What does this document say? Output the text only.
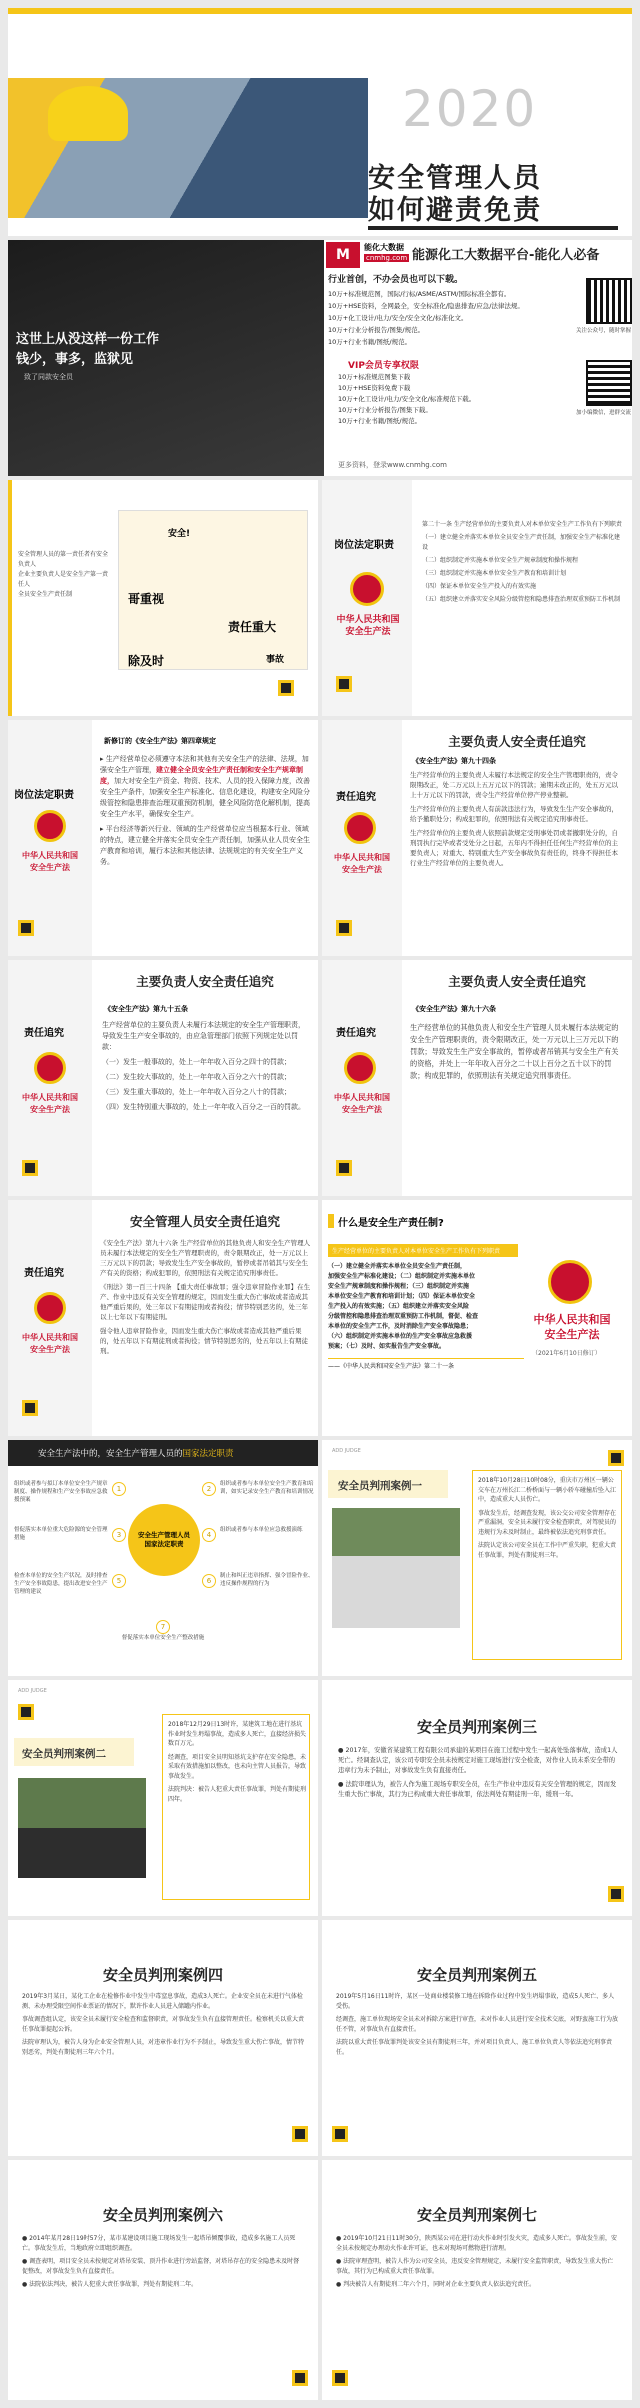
2020
安全管理人员
如何避责免责
这世上从没这样一份工作
钱少，事多，监狱见
致了同款安全员
M	能化大数据
cnmhg.com 能源化工大数据平台-能化人必备
行业首创，不办会员也可以下载。
10万+标准规范图，国际/行标/ASME/ASTM/国际标准全都有。
10万+HSE资料，全网最全，安全标准化/隐患排查/应急/法律法规。
10万+化工设计/电力/安全/安全文化/标准化文。
10万+行业分析报告/图集/规范。
10万+行业书籍/图纸/规范。
VIP会员专享权限
10万+标准规范图集下载
10万+HSE资料免费下载
10万+化工设计/电力/安全文化/标准规范下载。
10万+行业分析报告/图集下载。
10万+行业书籍/图纸/规范。
更多资料，登录www.cnmhg.com
关注公众号，随时掌握
加小编微信，进群交流
安全管理人员的第一责任者有安全负责人
企业主要负责人是安全生产第一责任人
全员安全生产责任制
安全!
哥重视
责任重大
除及时	事故
岗位法定职责
中华人民共和国
安全生产法
第二十一条 生产经营单位的主要负责人对本单位安全生产工作负有下列职责
（一）建立健全并落实本单位全员安全生产责任制，加强安全生产标准化建设
（二）组织制定并实施本单位安全生产规章制度和操作规程
（三）组织制定并实施本单位安全生产教育和培训计划
（四）保证本单位安全生产投入的有效实施
（五）组织建立并落实安全风险分级管控和隐患排查治理双重预防工作机制
岗位法定职责
中华人民共和国
安全生产法
新修订的《安全生产法》第四章规定

▸ 生产经营单位必须遵守本法和其他有关安全生产的法律、法规，加强安全生产管理，建立健全全员安全生产责任制和安全生产规章制度，加大对安全生产资金、物资、技术、人员的投入保障力度，改善安全生产条件，加强安全生产标准化、信息化建设，构建安全风险分级管控和隐患排查治理双重预防机制，健全风险防范化解机制，提高安全生产水平，确保安全生产。

▸ 平台经济等新兴行业、领域的生产经营单位应当根据本行业、领域的特点，建立健全并落实全员安全生产责任制，加强从业人员安全生产教育和培训，履行本法和其他法律、法规规定的有关安全生产义务。

主要负责人安全责任追究
责任追究
中华人民共和国
安全生产法
《安全生产法》第九十四条

生产经营单位的主要负责人未履行本法规定的安全生产管理职责的，责令限期改正，处二万元以上五万元以下的罚款；逾期未改正的，处五万元以上十万元以下的罚款，责令生产经营单位停产停业整顿。

生产经营单位的主要负责人有前款违法行为，导致发生生产安全事故的，给予撤职处分；构成犯罪的，依照刑法有关规定追究刑事责任。

生产经营单位的主要负责人依照前款规定受刑事处罚或者撤职处分的，自刑罚执行完毕或者受处分之日起，五年内不得担任任何生产经营单位的主要负责人；对重大、特别重大生产安全事故负有责任的，终身不得担任本行业生产经营单位的主要负责人。

主要负责人安全责任追究
责任追究
中华人民共和国
安全生产法
《安全生产法》第九十五条
生产经营单位的主要负责人未履行本法规定的安全生产管理职责，导致发生生产安全事故的，由应急管理部门依照下列规定处以罚款：
（一）发生一般事故的，处上一年年收入百分之四十的罚款；
（二）发生较大事故的，处上一年年收入百分之六十的罚款；
（三）发生重大事故的，处上一年年收入百分之八十的罚款；
（四）发生特别重大事故的，处上一年年收入百分之一百的罚款。
主要负责人安全责任追究
责任追究
中华人民共和国
安全生产法
《安全生产法》第九十六条
生产经营单位的其他负责人和安全生产管理人员未履行本法规定的安全生产管理职责的，责令限期改正，处一万元以上三万元以下的罚款；导致发生生产安全事故的，暂停或者吊销其与安全生产有关的资格，并处上一年年收入百分之二十以上百分之五十以下的罚款；构成犯罪的，依照刑法有关规定追究刑事责任。
安全管理人员安全责任追究
责任追究
中华人民共和国
安全生产法

《安全生产法》第九十六条 生产经营单位的其他负责人和安全生产管理人员未履行本法规定的安全生产管理职责的，责令限期改正，处一万元以上三万元以下的罚款；导致发生生产安全事故的，暂停或者吊销其与安全生产有关的资格；构成犯罪的，依照刑法有关规定追究刑事责任。

《刑法》第一百三十四条 【重大责任事故罪；强令违章冒险作业罪】在生产、作业中违反有关安全管理的规定，因而发生重大伤亡事故或者造成其他严重后果的，处三年以下有期徒刑或者拘役；情节特别恶劣的，处三年以上七年以下有期徒刑。

强令他人违章冒险作业，因而发生重大伤亡事故或者造成其他严重后果的，处五年以下有期徒刑或者拘役；情节特别恶劣的，处五年以上有期徒刑。

什么是安全生产责任制?
生产经营单位的主要负责人对本单位安全生产工作负有下列职责
（一）建立健全并落实本单位全员安全生产责任制，
加强安全生产标准化建设；（二）组织制定并实施本单位
安全生产规章制度和操作规程；（三）组织制定并实施
本单位安全生产教育和培训计划；（四）保证本单位安全
生产投入的有效实施；（五）组织建立并落实安全风险
分级管控和隐患排查治理双重预防工作机制，督促、检查
本单位的安全生产工作，及时消除生产安全事故隐患；
（六）组织制定并实施本单位的生产安全事故应急救援
预案；（七）及时、如实报告生产安全事故。
——《中华人民共和国安全生产法》第二十一条
中华人民共和国
安全生产法
（2021年6月10日修订）
安全生产法中的，安全生产管理人员的国家法定职责
安全生产管理人员
国家法定职责
1
组织或者参与拟订本单位安全生产规章制度、操作规程和生产安全事故应急救援预案
2
组织或者参与本单位安全生产教育和培训，如实记录安全生产教育和培训情况
3
督促落实本单位重大危险源的安全管理措施	4
组织或者参与本单位应急救援演练
5
检查本单位的安全生产状况，及时排查生产安全事故隐患，提出改进安全生产管理的建议
6
制止和纠正违章指挥、强令冒险作业、违反操作规程的行为
7
督促落实本单位安全生产整改措施
ADD JUDGE
安全员判刑案例一	2018年10月28日10时08分，重庆市万州区一辆公交车在万州长江二桥桥面与一辆小轿车碰撞后坠入江中，造成重大人员伤亡。

事故发生后，经调查发现，该公交公司安全管理存在严重漏洞，安全员未履行安全检查职责，对驾驶员的违规行为未及时制止，最终被依法追究刑事责任。

法院认定该公司安全员在工作中严重失职，犯重大责任事故罪，判处有期徒刑三年。

ADD JUDGE
安全员判刑案例二

2018年12月29日13时许，某建筑工地在进行基坑作业时发生坍塌事故，造成多人死亡，直接经济损失数百万元。

经调查，项目安全员明知基坑支护存在安全隐患，未采取有效措施加以整改，也未向主管人员报告，导致事故发生。

法院判决：被告人犯重大责任事故罪，判处有期徒刑四年。

安全员判刑案例三

● 2017年，安徽省某建筑工程有限公司承建的某项目在施工过程中发生一起高处坠落事故，造成1人死亡。经调查认定，该公司专职安全员未按规定对施工现场进行安全检查，对作业人员未系安全带的违章行为未予制止，对事故发生负有直接责任。

● 法院审理认为，被告人作为施工现场专职安全员，在生产作业中违反有关安全管理的规定，因而发生重大伤亡事故，其行为已构成重大责任事故罪，依法判处有期徒刑一年，缓刑一年。

安全员判刑案例四

2019年3月某日，某化工企业在检修作业中发生中毒窒息事故，造成3人死亡。企业安全员在未进行气体检测、未办理受限空间作业票证的情况下，默许作业人员进入储罐内作业。

事故调查组认定，该安全员未履行安全检查和监督职责，对事故发生负有直接管理责任。检察机关以重大责任事故罪提起公诉。

法院审理认为，被告人身为企业安全管理人员，对违章作业行为不予制止，导致发生重大伤亡事故，情节特别恶劣，判处有期徒刑三年六个月。

安全员判刑案例五

2019年5月16日11时许，某区一处商业楼装修工地在拆除作业过程中发生坍塌事故，造成5人死亡、多人受伤。

经调查，施工单位现场安全员未对拆除方案进行审查，未对作业人员进行安全技术交底，对野蛮施工行为放任不管，对事故负有直接责任。

法院以重大责任事故罪判处该安全员有期徒刑三年，并对项目负责人、施工单位负责人等依法追究刑事责任。

安全员判刑案例六

● 2014年某月28日19时57分，某市某建设项目施工现场发生一起塔吊倾覆事故，造成多名施工人员死亡。事故发生后，当地政府立即组织调查。

● 调查表明，项目安全员未按规定对塔吊安装、顶升作业进行旁站监督，对塔吊存在的安全隐患未及时督促整改，对事故发生负有直接责任。

● 法院依法判决，被告人犯重大责任事故罪，判处有期徒刑二年。

安全员判刑案例七

● 2019年10月21日11时30分，陕西某公司在进行动火作业时引发火灾，造成多人死亡。事故发生前，安全员未按规定办理动火作业许可证，也未对现场可燃物进行清理。

● 法院审理查明，被告人作为公司安全员，违反安全管理规定，未履行安全监管职责，导致发生重大伤亡事故，其行为已构成重大责任事故罪。

● 判决被告人有期徒刑二年六个月，同时对企业主要负责人依法追究责任。
